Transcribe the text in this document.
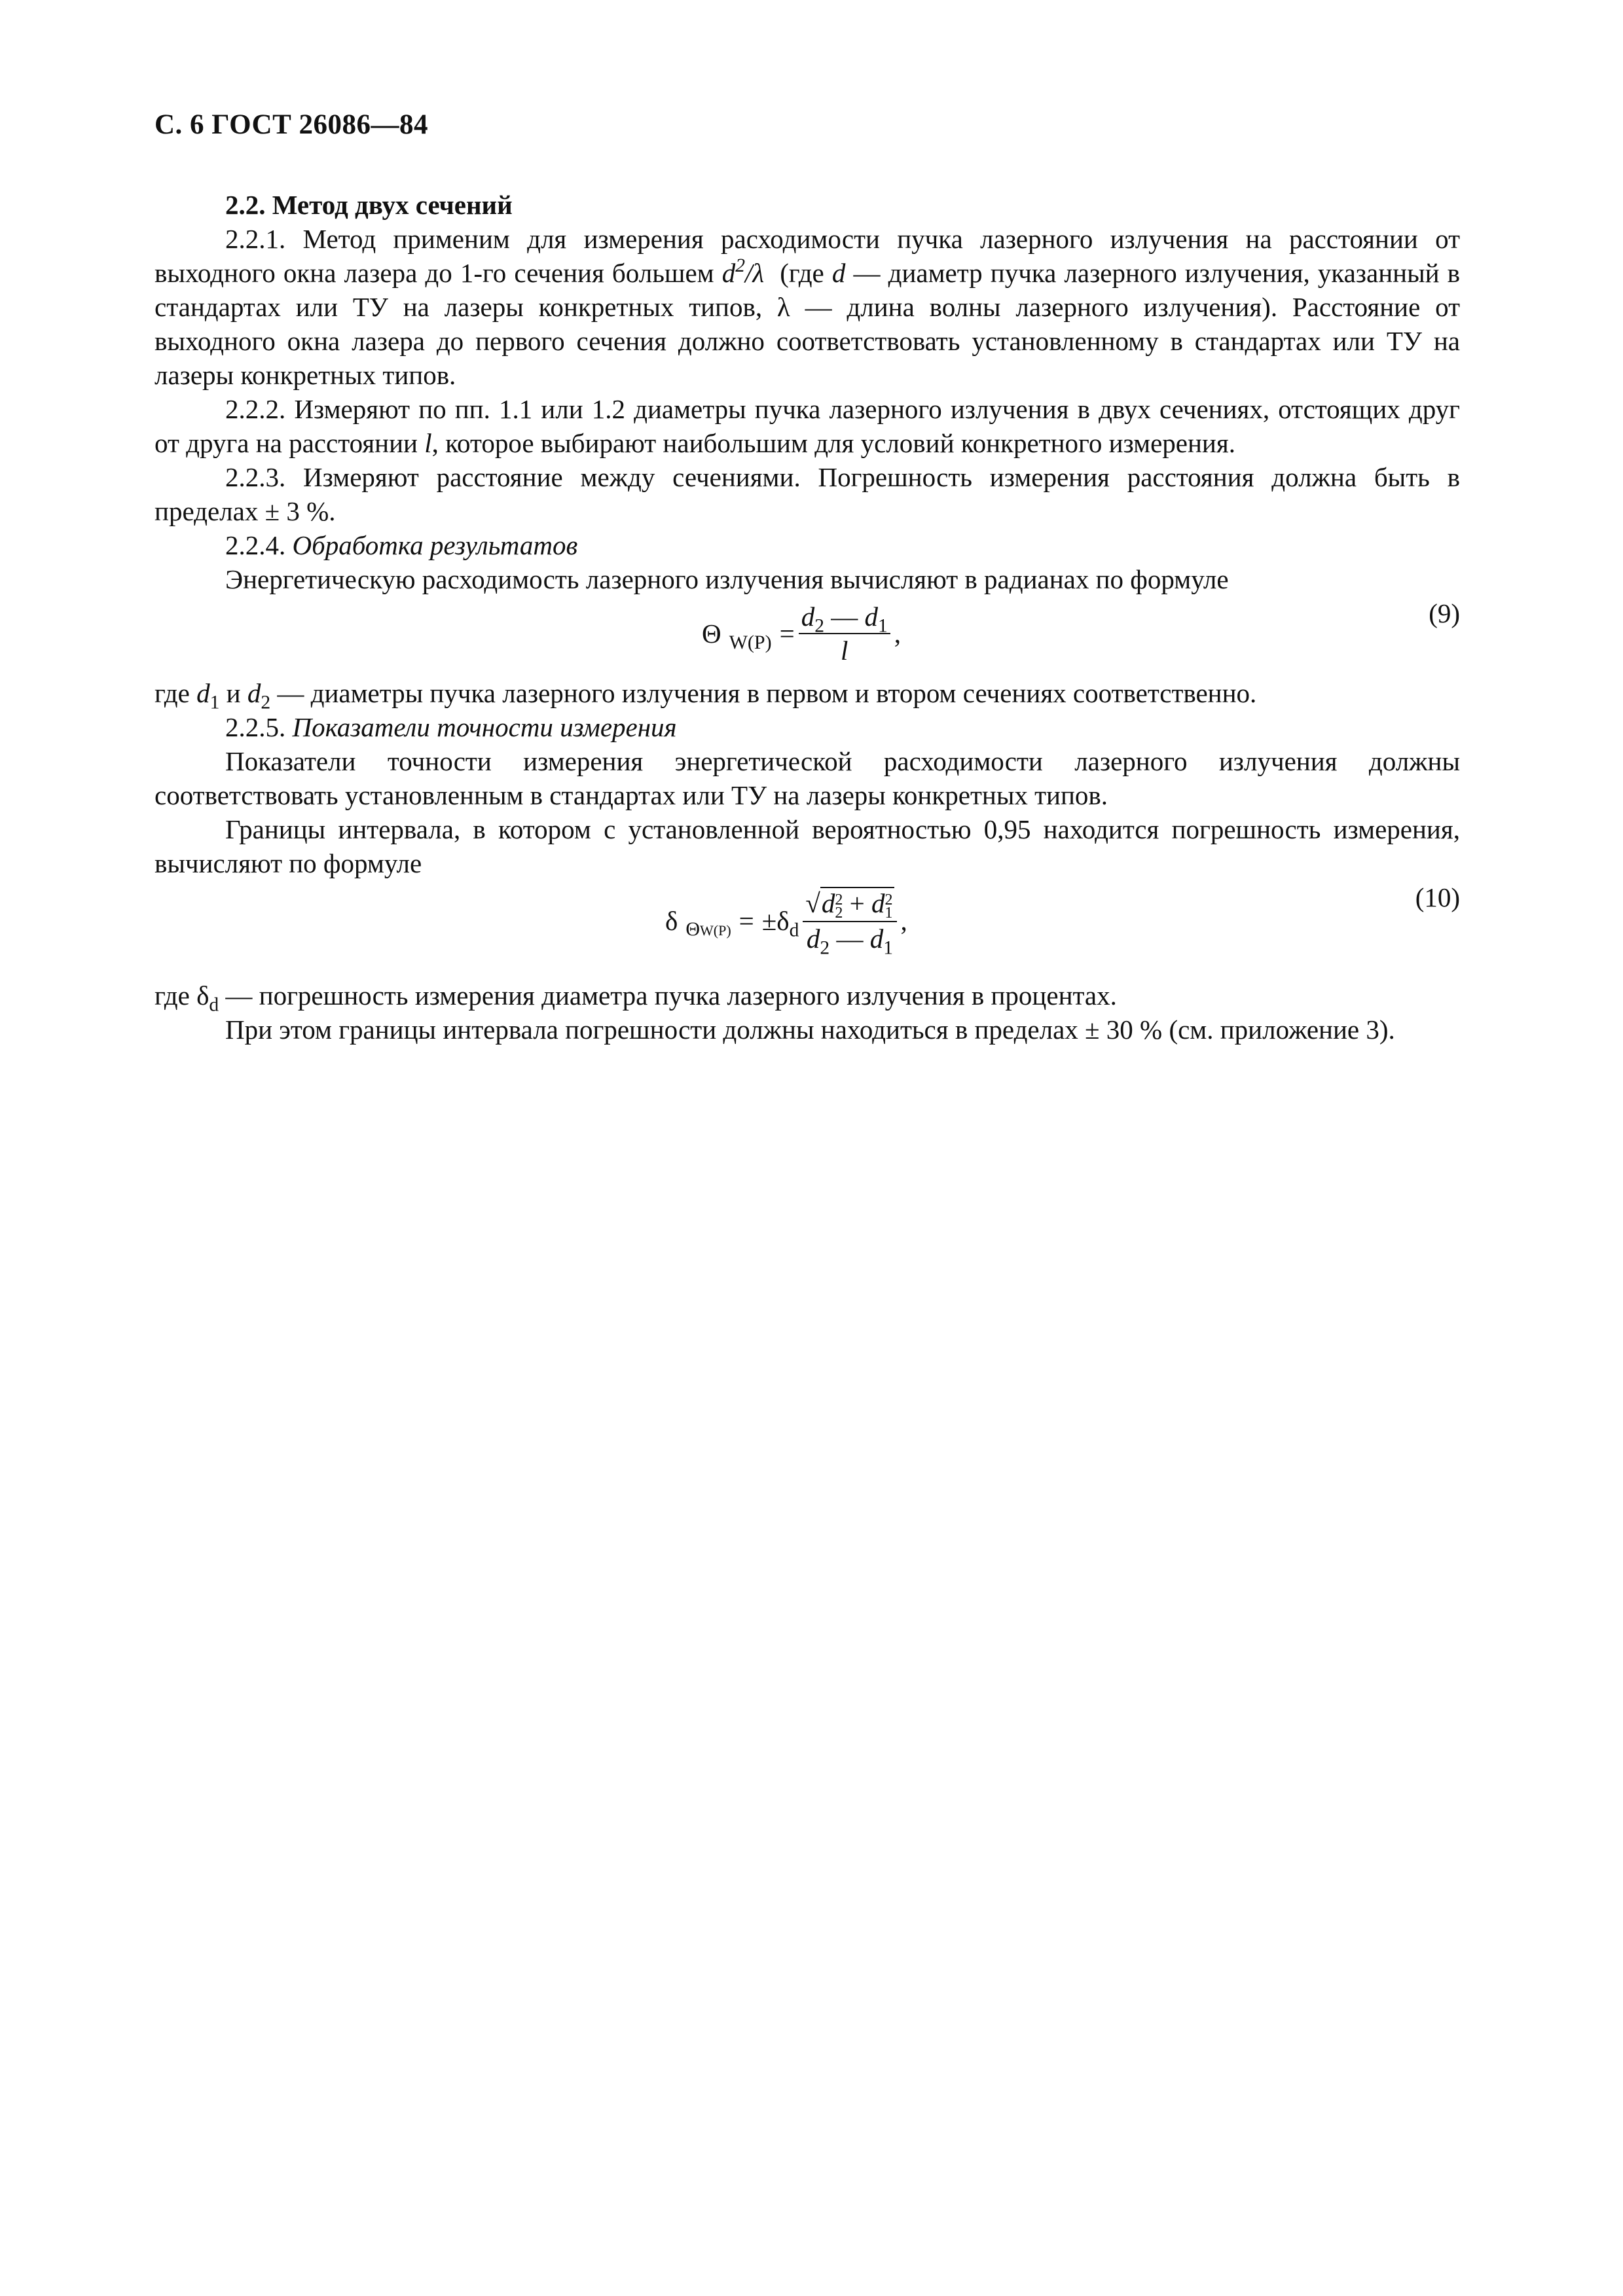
С. 6 ГОСТ 26086—84

2.2. Метод двух сечений

2.2.1. Метод применим для измерения расходимости пучка лазерного излучения на расстоянии от выходного окна лазера до 1-го сечения большем $d^2/\lambda$ (где d — диаметр пучка лазерного излучения, указанный в стандартах или ТУ на лазеры конкретных типов, λ — длина волны лазерного излучения). Расстояние от выходного окна лазера до первого сечения должно соответствовать установленному в стандартах или ТУ на лазеры конкретных типов.

2.2.2. Измеряют по пп. 1.1 или 1.2 диаметры пучка лазерного излучения в двух сечениях, отстоящих друг от друга на расстоянии l, которое выбирают наибольшим для условий конкретного измерения.

2.2.3. Измеряют расстояние между сечениями. Погрешность измерения расстояния должна быть в пределах ± 3 %.

2.2.4. Обработка результатов

Энергетическую расходимость лазерного излучения вычисляют в радианах по формуле

Θ $W(P) = \frac{d_2 — d_1}{l}$ ,
(9)

где $d_1$ и $d_2$ — диаметры пучка лазерного излучения в первом и втором сечениях соответственно.

2.2.5. Показатели точности измерения

Показатели точности измерения энергетической расходимости лазерного излучения должны соответствовать установленным в стандартах или ТУ на лазеры конкретных типов.

Границы интервала, в котором с установленной вероятностью 0,95 находится погрешность измерения, вычисляют по формуле

δ $\Theta W(P) = \pm\delta_d$ √d 2
2 + d 2
1
$d_2$ — $d_1$ ,
(10)

где $\delta_d$ — погрешность измерения диаметра пучка лазерного излучения в процентах.

При этом границы интервала погрешности должны находиться в пределах ± 30 % (см. приложение 3).
